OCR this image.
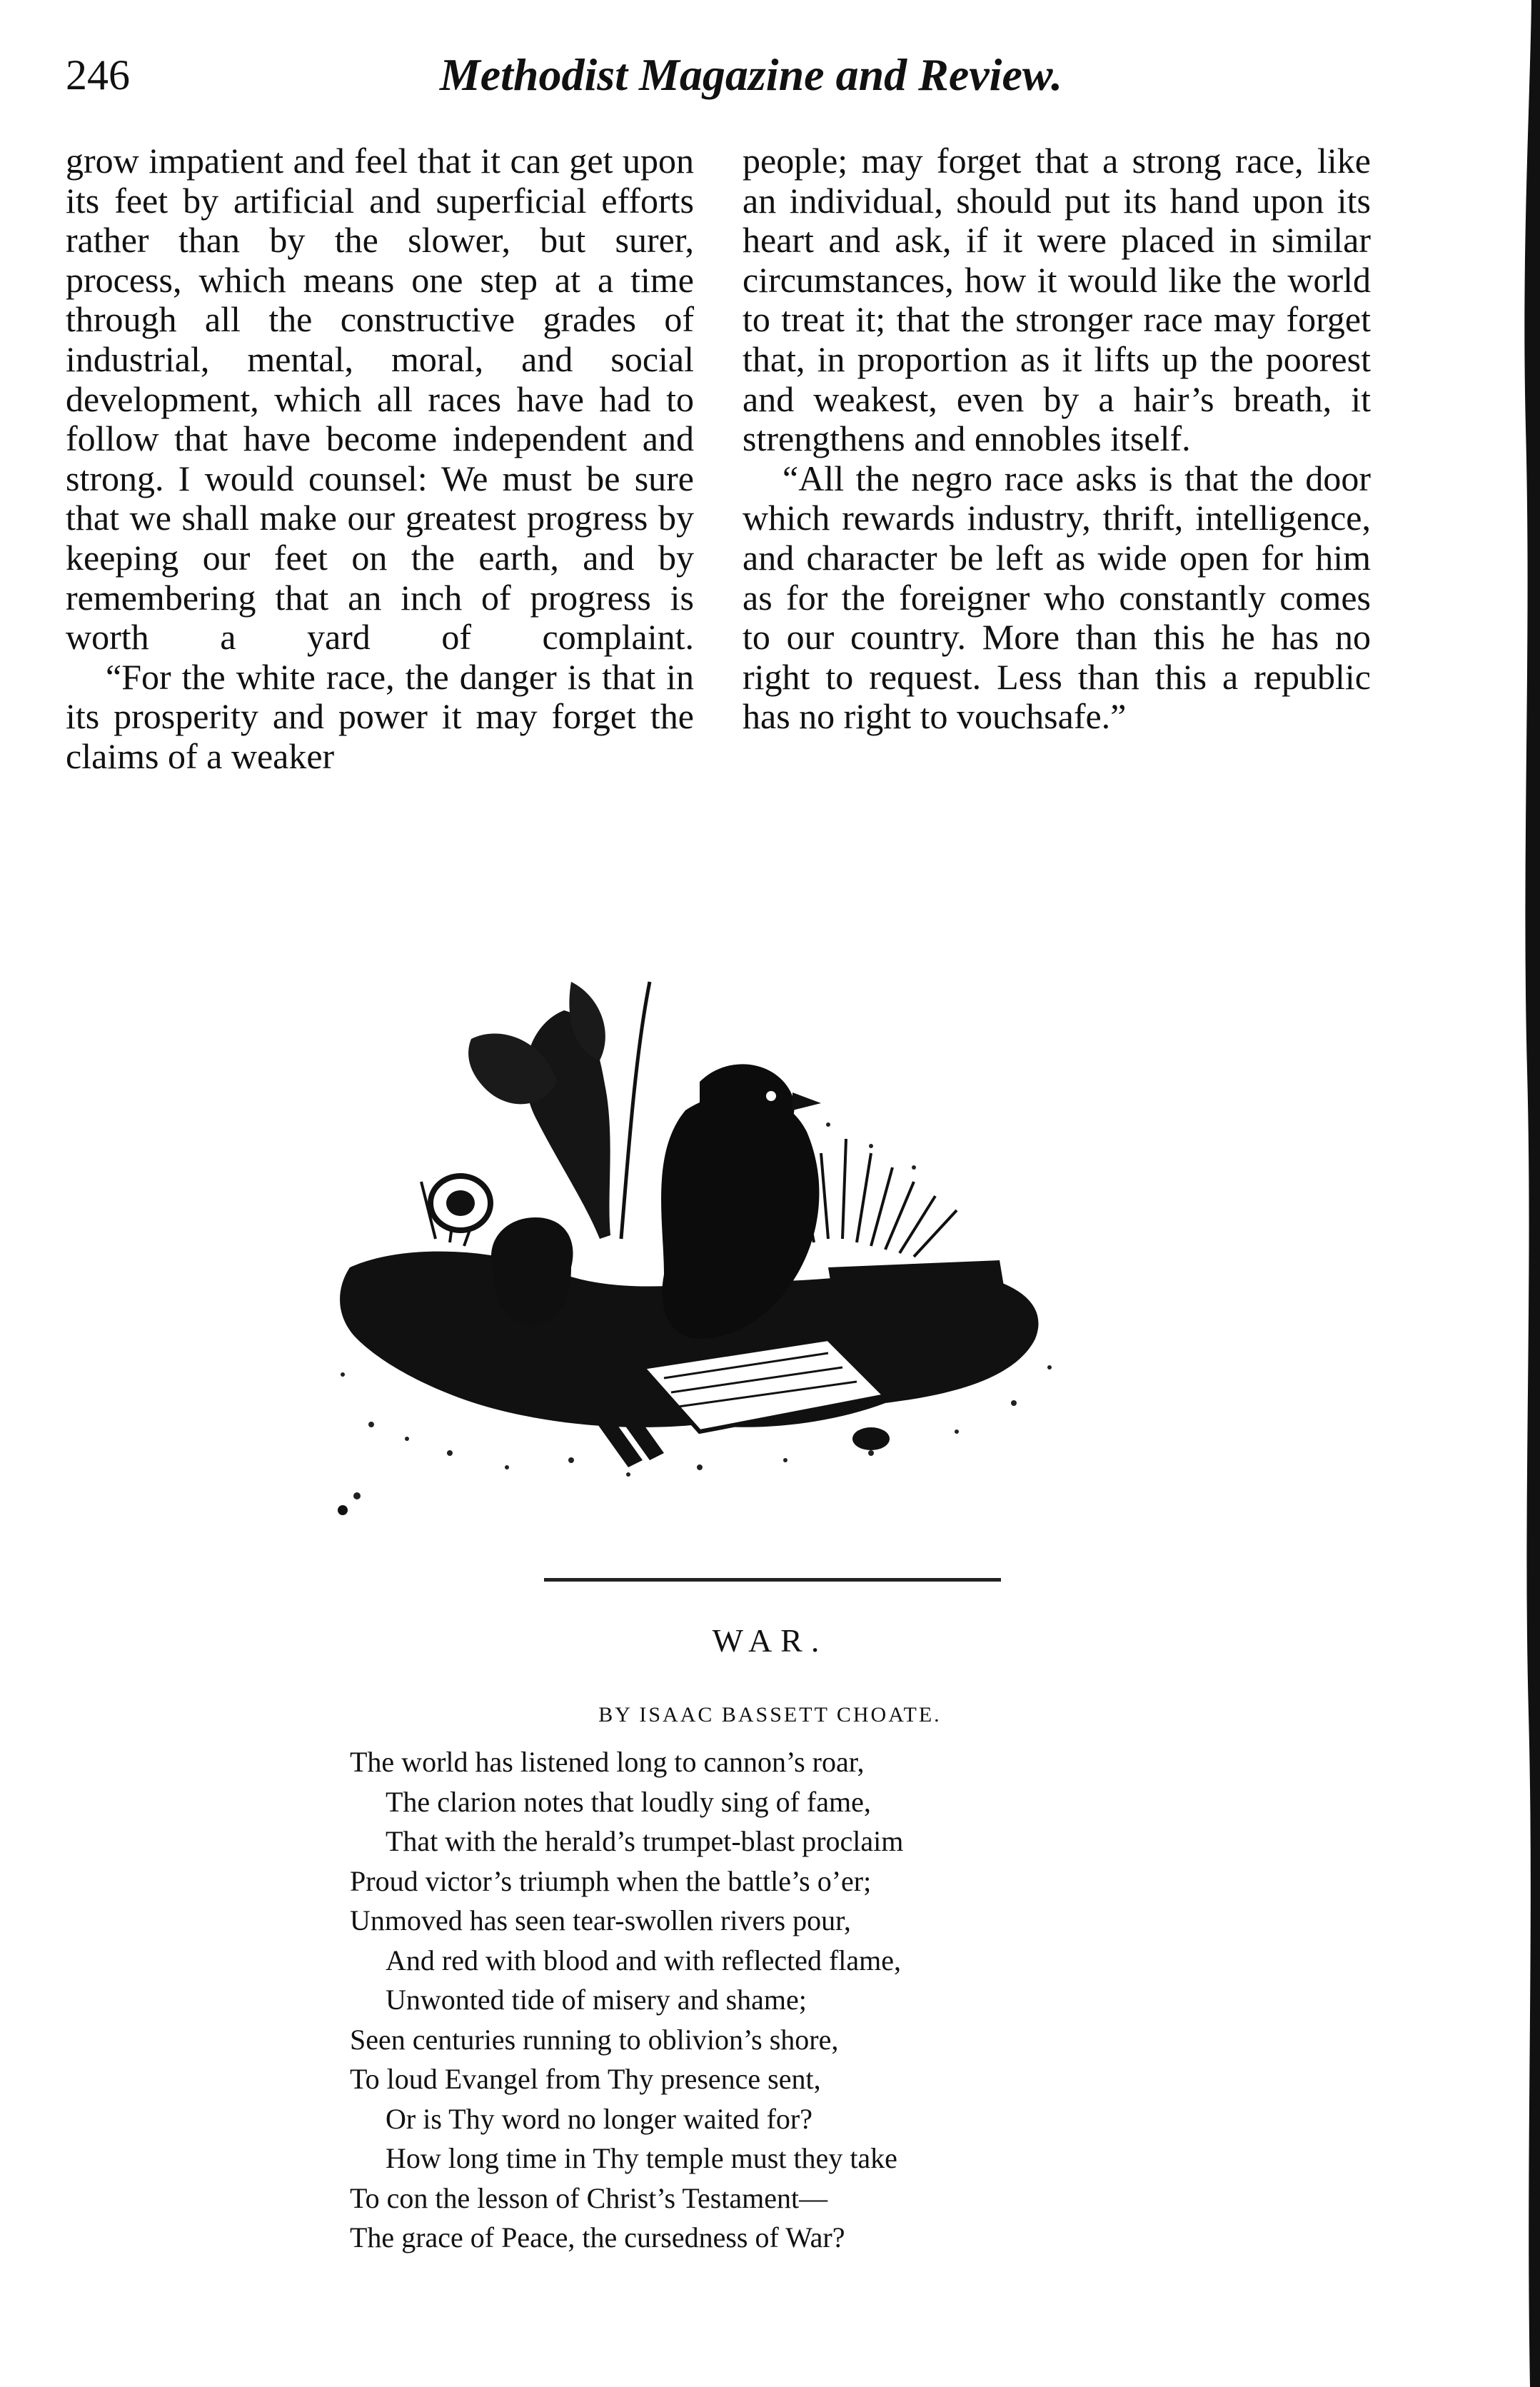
246	Methodist Magazine and Review.

grow impatient and feel that it can get upon its feet by artificial and superficial efforts rather than by the slower, but surer, process, which means one step at a time through all the constructive grades of industrial, mental, moral, and social development, which all races have had to follow that have become independent and strong. I would counsel: We must be sure that we shall make our greatest progress by keeping our feet on the earth, and by remembering that an inch of progress is worth a yard of complaint.

“For the white race, the danger is that in its prosperity and power it may forget the claims of a weaker

people; may forget that a strong race, like an individual, should put its hand upon its heart and ask, if it were placed in similar circumstances, how it would like the world to treat it; that the stronger race may forget that, in proportion as it lifts up the poorest and weakest, even by a hair’s breath, it strengthens and ennobles itself.

“All the negro race asks is that the door which rewards industry, thrift, intelligence, and character be left as wide open for him as for the foreigner who constantly comes to our country. More than this he has no right to request. Less than this a republic has no right to vouchsafe.”

WAR.
BY ISAAC BASSETT CHOATE.
The world has listened long to cannon’s roar,
The clarion notes that loudly sing of fame,
That with the herald’s trumpet-blast proclaim
Proud victor’s triumph when the battle’s o’er;
Unmoved has seen tear-swollen rivers pour,
And red with blood and with reflected flame,
Unwonted tide of misery and shame;
Seen centuries running to oblivion’s shore,
To loud Evangel from Thy presence sent,
Or is Thy word no longer waited for?
How long time in Thy temple must they take
To con the lesson of Christ’s Testament—
The grace of Peace, the cursedness of War?
